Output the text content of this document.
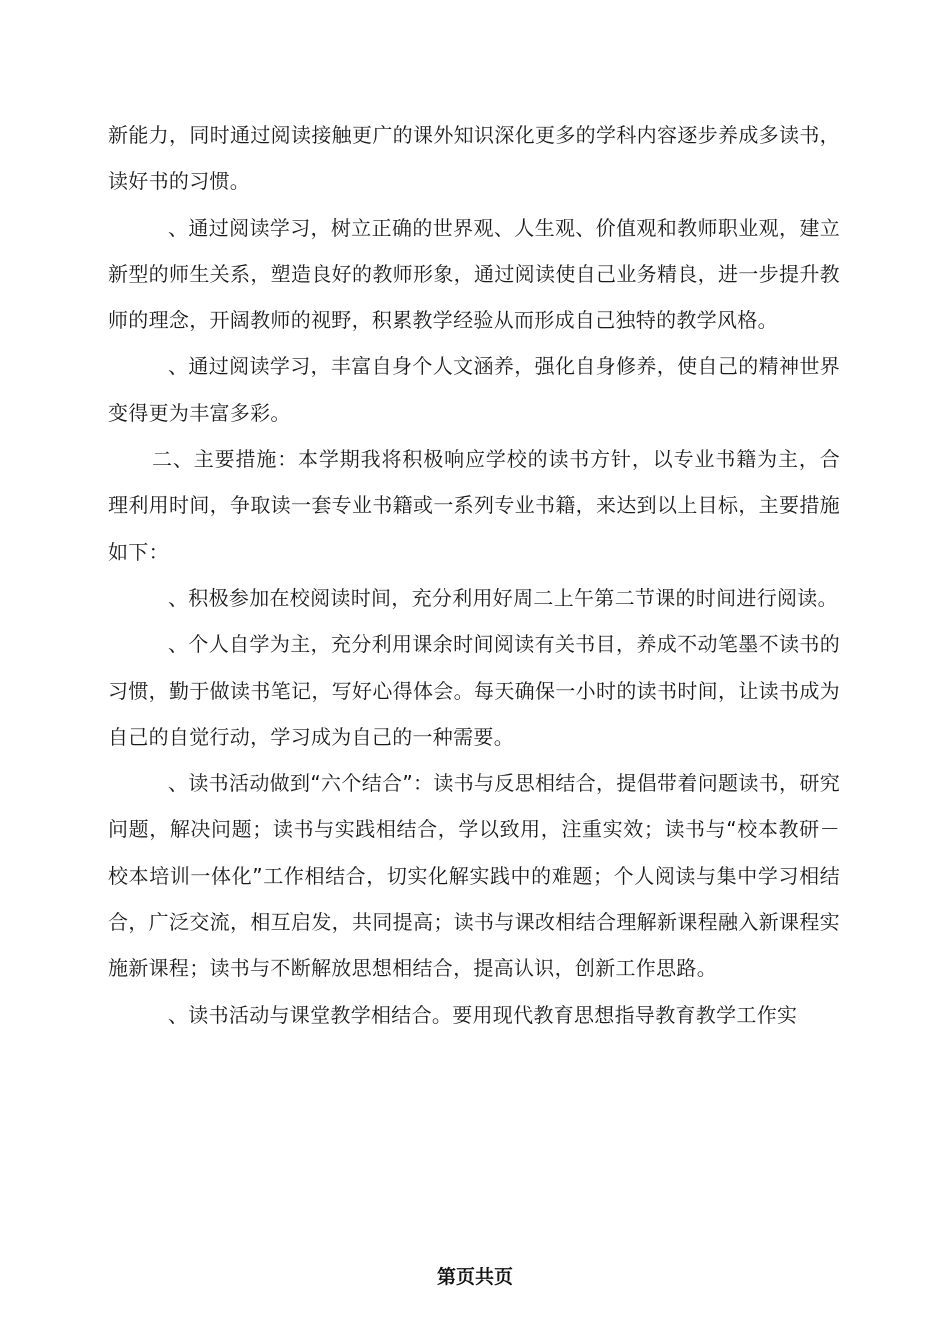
新能力，同时通过阅读接触更广的课外知识深化更多的学科内容逐步养成多读书，读好书的习惯。

、通过阅读学习，树立正确的世界观、人生观、价值观和教师职业观，建立新型的师生关系，塑造良好的教师形象，通过阅读使自己业务精良，进一步提升教师的理念，开阔教师的视野，积累教学经验从而形成自己独特的教学风格。

、通过阅读学习，丰富自身个人文涵养，强化自身修养，使自己的精神世界变得更为丰富多彩。

二、主要措施：本学期我将积极响应学校的读书方针，以专业书籍为主，合理利用时间，争取读一套专业书籍或一系列专业书籍，来达到以上目标，主要措施如下：

、积极参加在校阅读时间，充分利用好周二上午第二节课的时间进行阅读。

、个人自学为主，充分利用课余时间阅读有关书目，养成不动笔墨不读书的习惯，勤于做读书笔记，写好心得体会。每天确保一小时的读书时间，让读书成为自己的自觉行动，学习成为自己的一种需要。

、读书活动做到“六个结合”：读书与反思相结合，提倡带着问题读书，研究问题，解决问题；读书与实践相结合，学以致用，注重实效；读书与“校本教研－校本培训一体化”工作相结合，切实化解实践中的难题；个人阅读与集中学习相结合，广泛交流，相互启发，共同提高；读书与课改相结合理解新课程融入新课程实施新课程；读书与不断解放思想相结合，提高认识，创新工作思路。

、读书活动与课堂教学相结合。要用现代教育思想指导教育教学工作实

第页共页
